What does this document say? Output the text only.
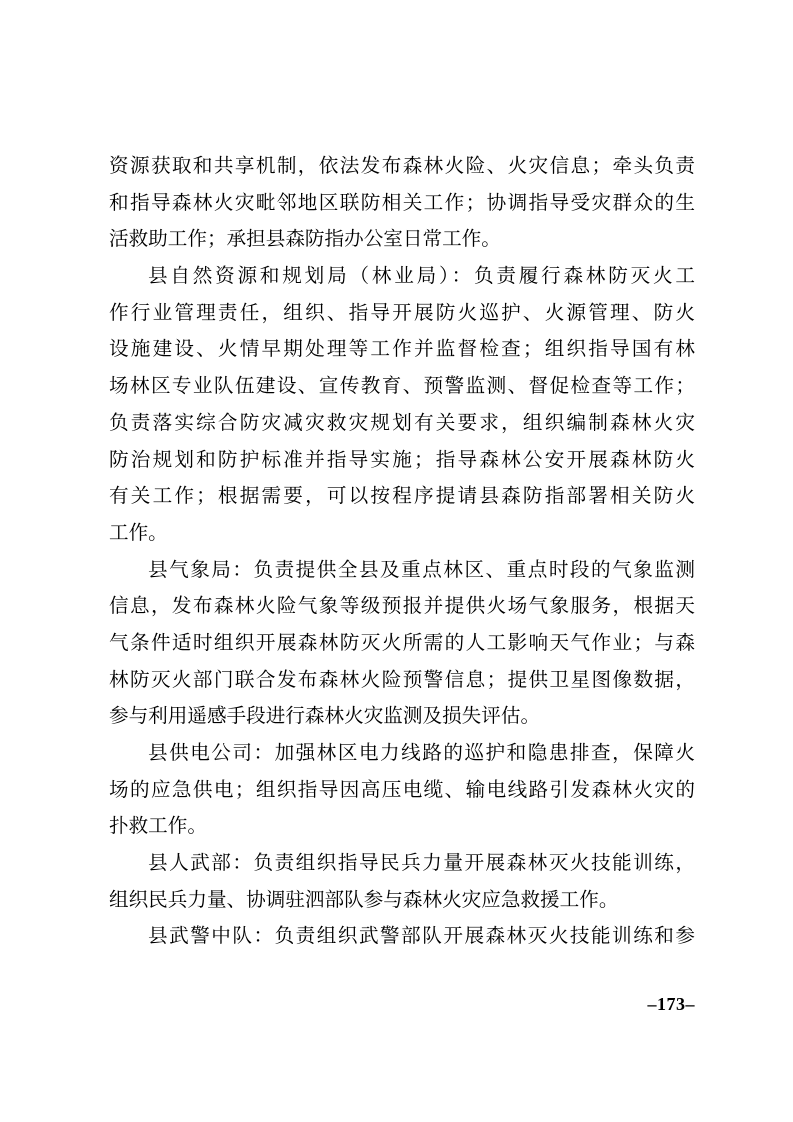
资源获取和共享机制，依法发布森林火险、火灾信息；牵头负责
和指导森林火灾毗邻地区联防相关工作；协调指导受灾群众的生
活救助工作；承担县森防指办公室日常工作。
县自然资源和规划局（林业局）：负责履行森林防灭火工
作行业管理责任，组织、指导开展防火巡护、火源管理、防火
设施建设、火情早期处理等工作并监督检查；组织指导国有林
场林区专业队伍建设、宣传教育、预警监测、督促检查等工作；
负责落实综合防灾减灾救灾规划有关要求，组织编制森林火灾
防治规划和防护标准并指导实施；指导森林公安开展森林防火
有关工作；根据需要，可以按程序提请县森防指部署相关防火
工作。
县气象局：负责提供全县及重点林区、重点时段的气象监测
信息，发布森林火险气象等级预报并提供火场气象服务，根据天
气条件适时组织开展森林防灭火所需的人工影响天气作业；与森
林防灭火部门联合发布森林火险预警信息；提供卫星图像数据，
参与利用遥感手段进行森林火灾监测及损失评估。
县供电公司：加强林区电力线路的巡护和隐患排查，保障火
场的应急供电；组织指导因高压电缆、输电线路引发森林火灾的
扑救工作。
县人武部：负责组织指导民兵力量开展森林灭火技能训练，
组织民兵力量、协调驻泗部队参与森林火灾应急救援工作。
县武警中队：负责组织武警部队开展森林灭火技能训练和参
–173–
